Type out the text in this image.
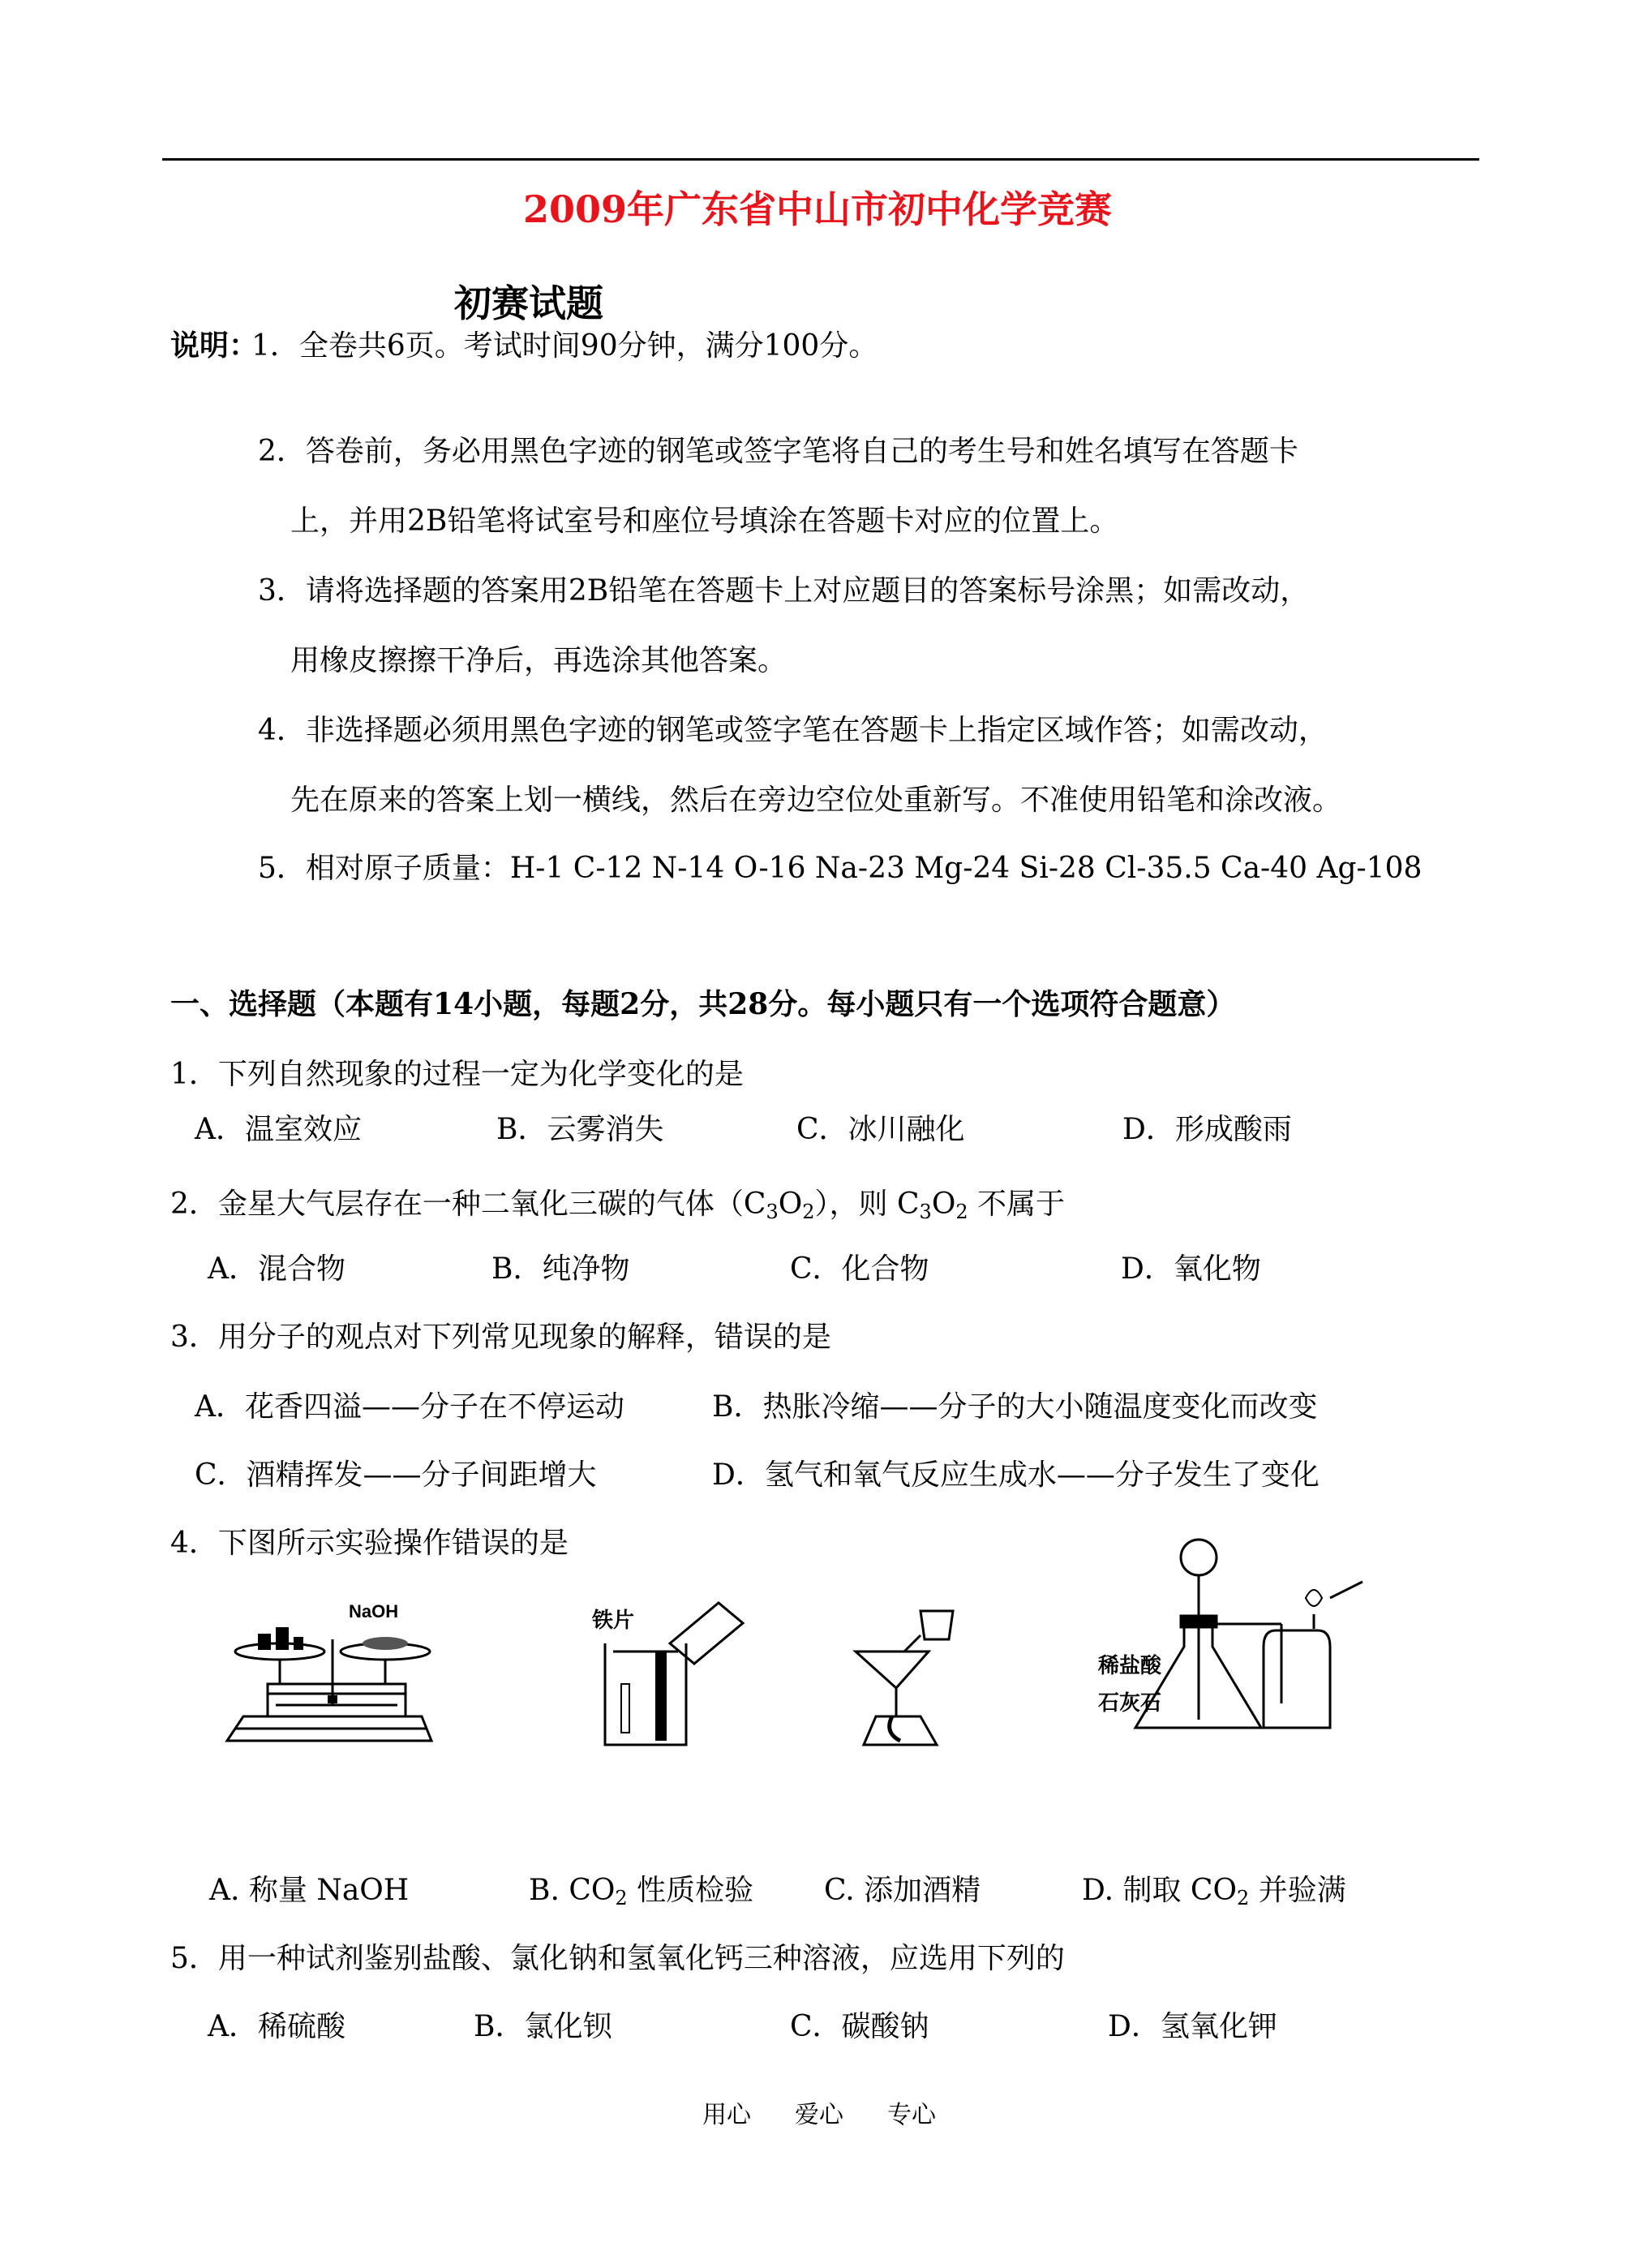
2009年广东省中山市初中化学竞赛
初赛试题
说明：
1．全卷共6页。考试时间90分钟，满分100分。
2．答卷前，务必用黑色字迹的钢笔或签字笔将自己的考生号和姓名填写在答题卡
上，并用2B铅笔将试室号和座位号填涂在答题卡对应的位置上。
3．请将选择题的答案用2B铅笔在答题卡上对应题目的答案标号涂黑；如需改动，
用橡皮擦擦干净后，再选涂其他答案。
4．非选择题必须用黑色字迹的钢笔或签字笔在答题卡上指定区域作答；如需改动，
先在原来的答案上划一横线，然后在旁边空位处重新写。不准使用铅笔和涂改液。
5．相对原子质量：H-1 C-12 N-14 O-16 Na-23 Mg-24 Si-28 Cl-35.5 Ca-40 Ag-108
一、选择题（本题有14小题，每题2分，共28分。每小题只有一个选项符合题意）
1．下列自然现象的过程一定为化学变化的是
A．温室效应	B．云雾消失	C．冰川融化	D．形成酸雨
2．金星大气层存在一种二氧化三碳的气体$(C_3O_2)$，则 $C_3O_2$ 不属于
A．混合物	B．纯净物	C．化合物	D．氧化物
3．用分子的观点对下列常见现象的解释，错误的是
A．花香四溢——分子在不停运动	B．热胀冷缩——分子的大小随温度变化而改变
C．酒精挥发——分子间距增大	D．氢气和氧气反应生成水——分子发生了变化
4．下图所示实验操作错误的是
NaOH	铁片
稀盐酸
石灰石
A. 称量 NaOH	B. $CO_2$ 性质检验 C. 添加酒精	D. 制取 $CO_2$ 并验满
5．用一种试剂鉴别盐酸、氯化钠和氢氧化钙三种溶液，应选用下列的
A．稀硫酸	B．氯化钡	C．碳酸钠	D．氢氧化钾
用心 爱心 专心
